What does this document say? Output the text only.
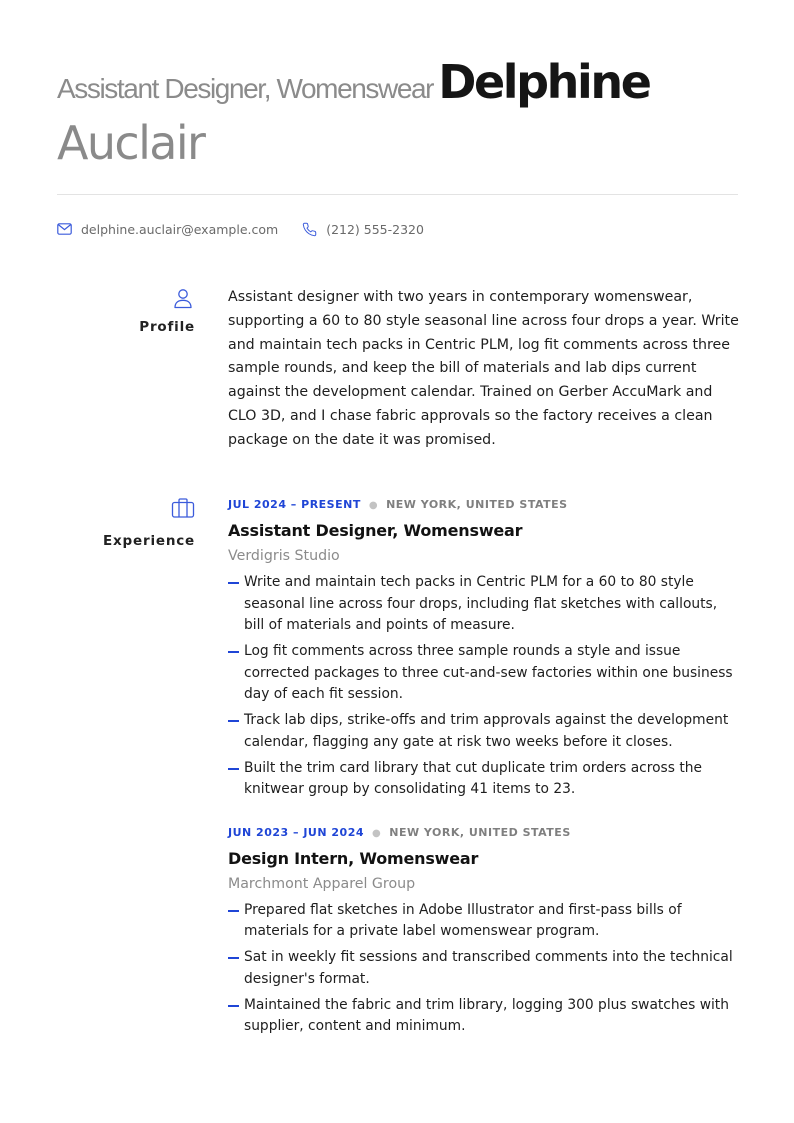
Assistant Designer, Womenswear Delphine
Auclair
delphine.auclair@example.com	(212) 555-2320
Profile

Assistant designer with two years in contemporary womenswear, supporting a 60 to 80 style seasonal line across four drops a year. Write and maintain tech packs in Centric PLM, log fit comments across three sample rounds, and keep the bill of materials and lab dips current against the development calendar. Trained on Gerber AccuMark and CLO 3D, and I chase fabric approvals so the factory receives a clean package on the date it was promised.

Experience
JUL 2024 – PRESENT ● NEW YORK, UNITED STATES
Assistant Designer, Womenswear
Verdigris Studio
Write and maintain tech packs in Centric PLM for a 60 to 80 style seasonal line across four drops, including flat sketches with callouts, bill of materials and points of measure.
Log fit comments across three sample rounds a style and issue corrected packages to three cut-and-sew factories within one business day of each fit session.
Track lab dips, strike-offs and trim approvals against the development calendar, flagging any gate at risk two weeks before it closes.
Built the trim card library that cut duplicate trim orders across the knitwear group by consolidating 41 items to 23.
JUN 2023 – JUN 2024 ● NEW YORK, UNITED STATES
Design Intern, Womenswear
Marchmont Apparel Group
Prepared flat sketches in Adobe Illustrator and first-pass bills of materials for a private label womenswear program.
Sat in weekly fit sessions and transcribed comments into the technical designer's format.
Maintained the fabric and trim library, logging 300 plus swatches with supplier, content and minimum.
